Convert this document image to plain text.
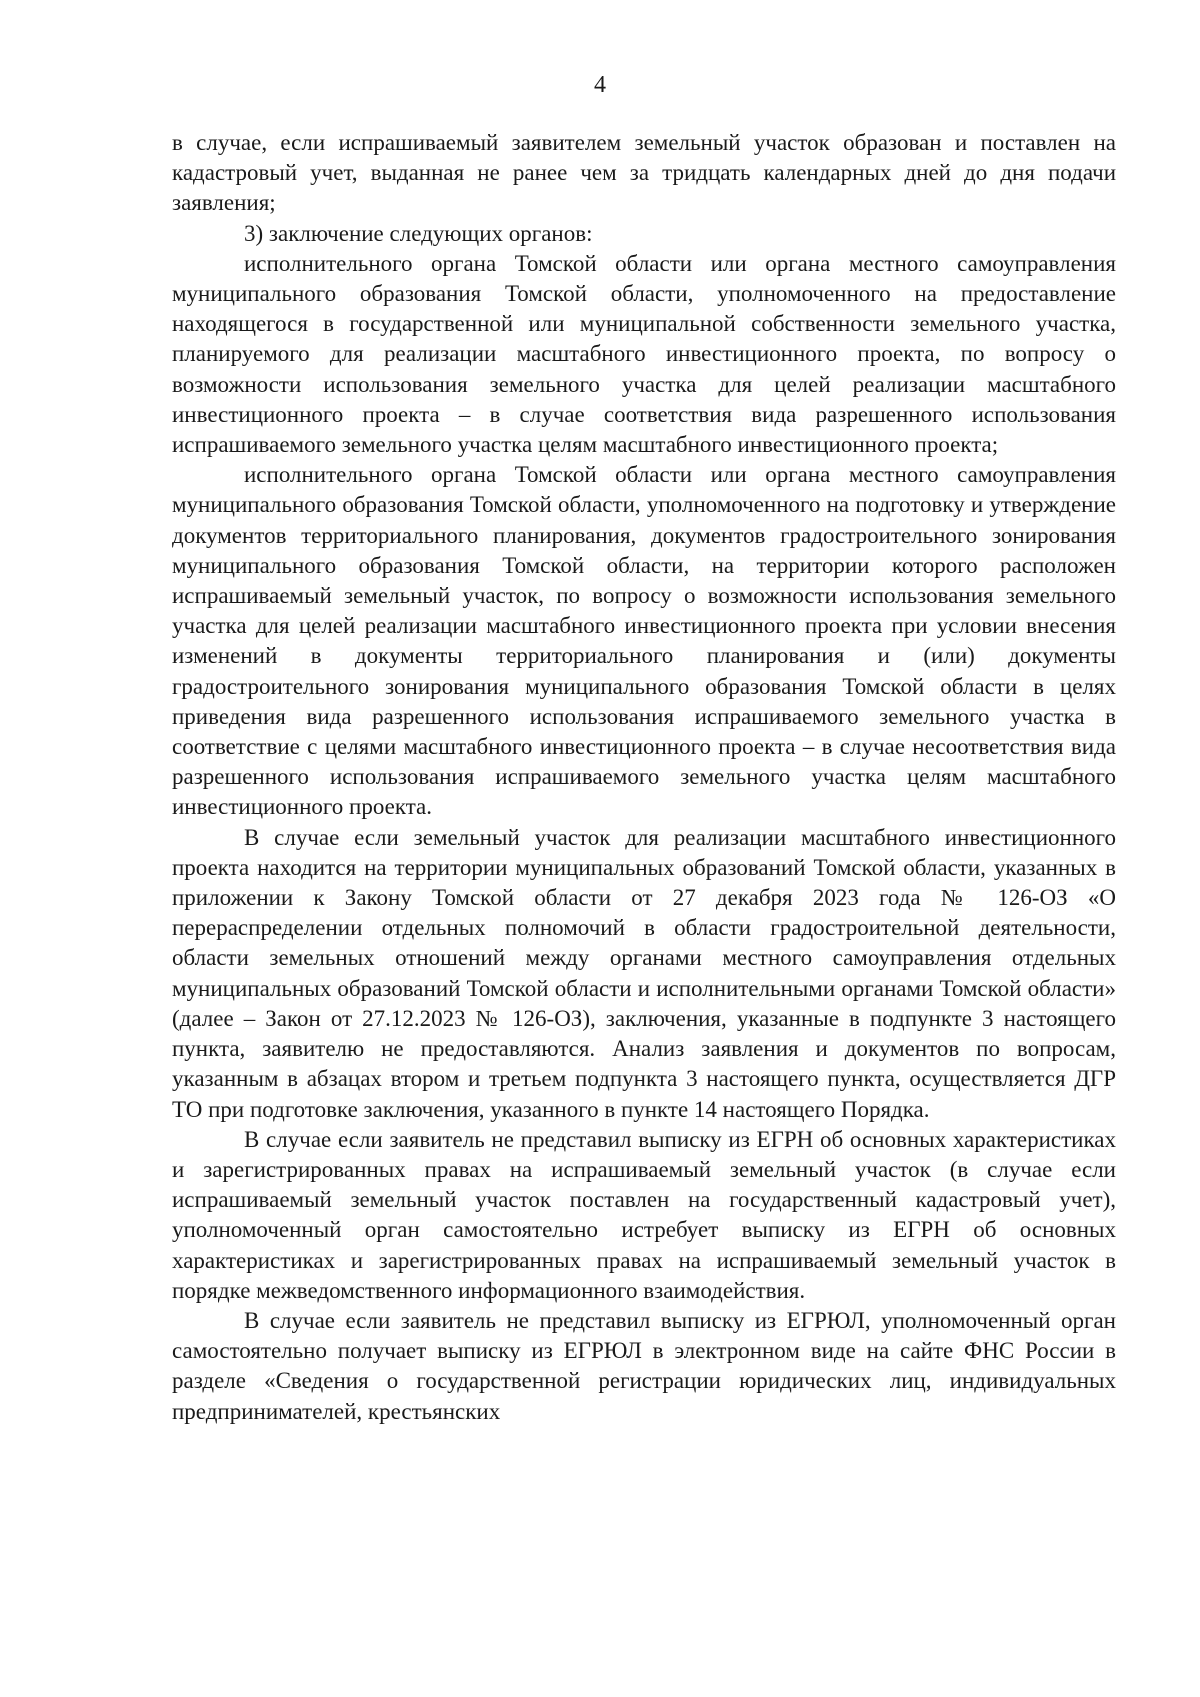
4

в случае, если испрашиваемый заявителем земельный участок образован и поставлен на кадастровый учет, выданная не ранее чем за тридцать календарных дней до дня подачи заявления;

3) заключение следующих органов:

исполнительного органа Томской области или органа местного самоуправления муниципального образования Томской области, уполномоченного на предоставление находящегося в государственной или муниципальной собственности земельного участка, планируемого для реализации масштабного инвестиционного проекта, по вопросу о возможности использования земельного участка для целей реализации масштабного инвестиционного проекта – в случае соответствия вида разрешенного использования испрашиваемого земельного участка целям масштабного инвестиционного проекта;

исполнительного органа Томской области или органа местного самоуправления муниципального образования Томской области, уполномоченного на подготовку и утверждение документов территориального планирования, документов градостроительного зонирования муниципального образования Томской области, на территории которого расположен испрашиваемый земельный участок, по вопросу о возможности использования земельного участка для целей реализации масштабного инвестиционного проекта при условии внесения изменений в документы территориального планирования и (или) документы градостроительного зонирования муниципального образования Томской области в целях приведения вида разрешенного использования испрашиваемого земельного участка в соответствие с целями масштабного инвестиционного проекта – в случае несоответствия вида разрешенного использования испрашиваемого земельного участка целям масштабного инвестиционного проекта.

В случае если земельный участок для реализации масштабного инвестиционного проекта находится на территории муниципальных образований Томской области, указанных в приложении к Закону Томской области от 27 декабря 2023 года № 126-ОЗ «О перераспределении отдельных полномочий в области градостроительной деятельности, области земельных отношений между органами местного самоуправления отдельных муниципальных образований Томской области и исполнительными органами Томской области» (далее – Закон от 27.12.2023 № 126-ОЗ), заключения, указанные в подпункте 3 настоящего пункта, заявителю не предоставляются. Анализ заявления и документов по вопросам, указанным в абзацах втором и третьем подпункта 3 настоящего пункта, осуществляется ДГР ТО при подготовке заключения, указанного в пункте 14 настоящего Порядка.

В случае если заявитель не представил выписку из ЕГРН об основных характеристиках и зарегистрированных правах на испрашиваемый земельный участок (в случае если испрашиваемый земельный участок поставлен на государственный кадастровый учет), уполномоченный орган самостоятельно истребует выписку из ЕГРН об основных характеристиках и зарегистрированных правах на испрашиваемый земельный участок в порядке межведомственного информационного взаимодействия.

В случае если заявитель не представил выписку из ЕГРЮЛ, уполномоченный орган самостоятельно получает выписку из ЕГРЮЛ в электронном виде на сайте ФНС России в разделе «Сведения о государственной регистрации юридических лиц, индивидуальных предпринимателей, крестьянских
